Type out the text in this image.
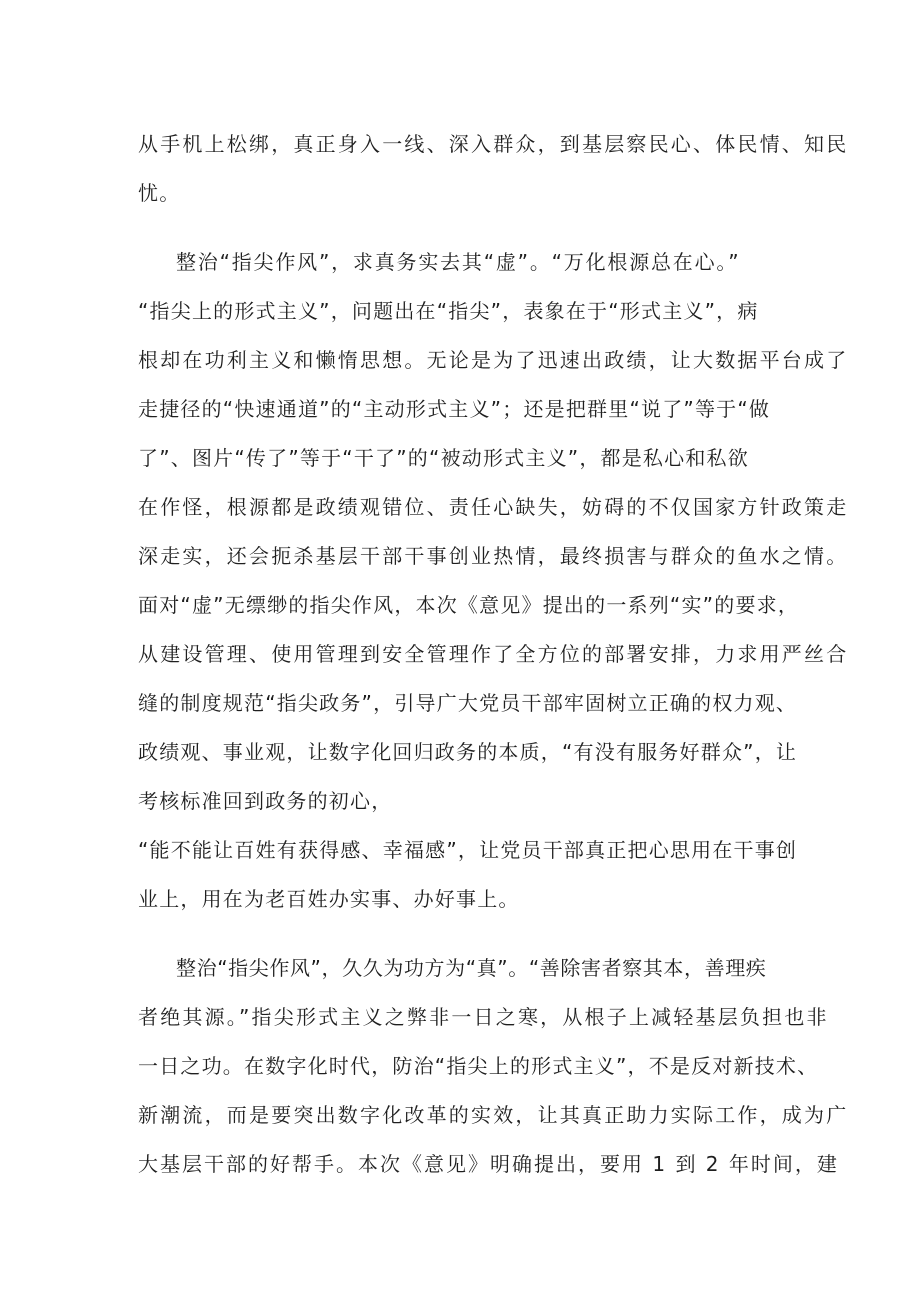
从手机上松绑，真正身入一线、深入群众，到基层察民心、体民情、知民
忧。
整治“指尖作风”，求真务实去其“虚”。“万化根源总在心。”
“指尖上的形式主义”，问题出在“指尖”，表象在于“形式主义”，病
根却在功利主义和懒惰思想。无论是为了迅速出政绩，让大数据平台成了
走捷径的“快速通道”的“主动形式主义”；还是把群里“说了”等于“做
了”、图片“传了”等于“干了”的“被动形式主义”，都是私心和私欲
在作怪，根源都是政绩观错位、责任心缺失，妨碍的不仅国家方针政策走
深走实，还会扼杀基层干部干事创业热情，最终损害与群众的鱼水之情。
面对“虚”无缥缈的指尖作风，本次《意见》提出的一系列“实”的要求，
从建设管理、使用管理到安全管理作了全方位的部署安排，力求用严丝合
缝的制度规范“指尖政务”，引导广大党员干部牢固树立正确的权力观、
政绩观、事业观，让数字化回归政务的本质，“有没有服务好群众”，让
考核标准回到政务的初心，
“能不能让百姓有获得感、幸福感”，让党员干部真正把心思用在干事创
业上，用在为老百姓办实事、办好事上。
整治“指尖作风”，久久为功方为“真”。“善除害者察其本，善理疾
者绝其源。”指尖形式主义之弊非一日之寒，从根子上减轻基层负担也非
一日之功。在数字化时代，防治“指尖上的形式主义”，不是反对新技术、
新潮流，而是要突出数字化改革的实效，让其真正助力实际工作，成为广
大基层干部的好帮手。本次《意见》明确提出，要用 1 到 2 年时间，建
